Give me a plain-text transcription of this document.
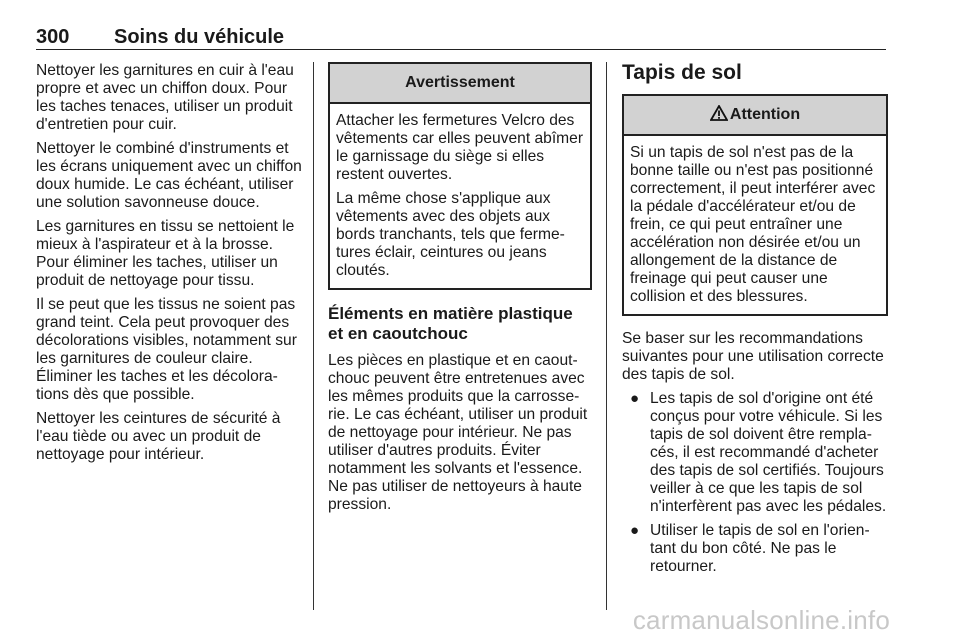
300 Soins du véhicule

Nettoyer les garnitures en cuir à l'eau propre et avec un chiffon doux. Pour les taches tenaces, utiliser un produit d'entretien pour cuir.

Nettoyer le combiné d'instruments et les écrans uniquement avec un chiffon doux humide. Le cas échéant, utiliser une solution savonneuse douce.

Les garnitures en tissu se nettoient le mieux à l'aspirateur et à la brosse. Pour éliminer les taches, utiliser un produit de nettoyage pour tissu.

Il se peut que les tissus ne soient pas grand teint. Cela peut provoquer des décolorations visibles, notamment sur les garnitures de couleur claire. Éliminer les taches et les décolorations dès que possible.

Nettoyer les ceintures de sécurité à l'eau tiède ou avec un produit de nettoyage pour intérieur.

Avertissement

Attacher les fermetures Velcro des vêtements car elles peuvent abîmer le garnissage du siège si elles restent ouvertes.

La même chose s'applique aux vêtements avec des objets aux bords tranchants, tels que fermetures éclair, ceintures ou jeans cloutés.

Éléments en matière plastique et en caoutchouc

Les pièces en plastique et en caoutchouc peuvent être entretenues avec les mêmes produits que la carrosserie. Le cas échéant, utiliser un produit de nettoyage pour intérieur. Ne pas utiliser d'autres produits. Éviter notamment les solvants et l'essence. Ne pas utiliser de nettoyeurs à haute pression.

Tapis de sol
Attention

Si un tapis de sol n'est pas de la bonne taille ou n'est pas positionné correctement, il peut interférer avec la pédale d'accélérateur et/ou de frein, ce qui peut entraîner une accélération non désirée et/ou un allongement de la distance de freinage qui peut causer une collision et des blessures.

Se baser sur les recommandations suivantes pour une utilisation correcte des tapis de sol.

● Les tapis de sol d'origine ont été conçus pour votre véhicule. Si les tapis de sol doivent être remplacés, il est recommandé d'acheter des tapis de sol certifiés. Toujours veiller à ce que les tapis de sol n'interfèrent pas avec les pédales.
● Utiliser le tapis de sol en l'orientant du bon côté. Ne pas le retourner.
carmanualsonline.info
